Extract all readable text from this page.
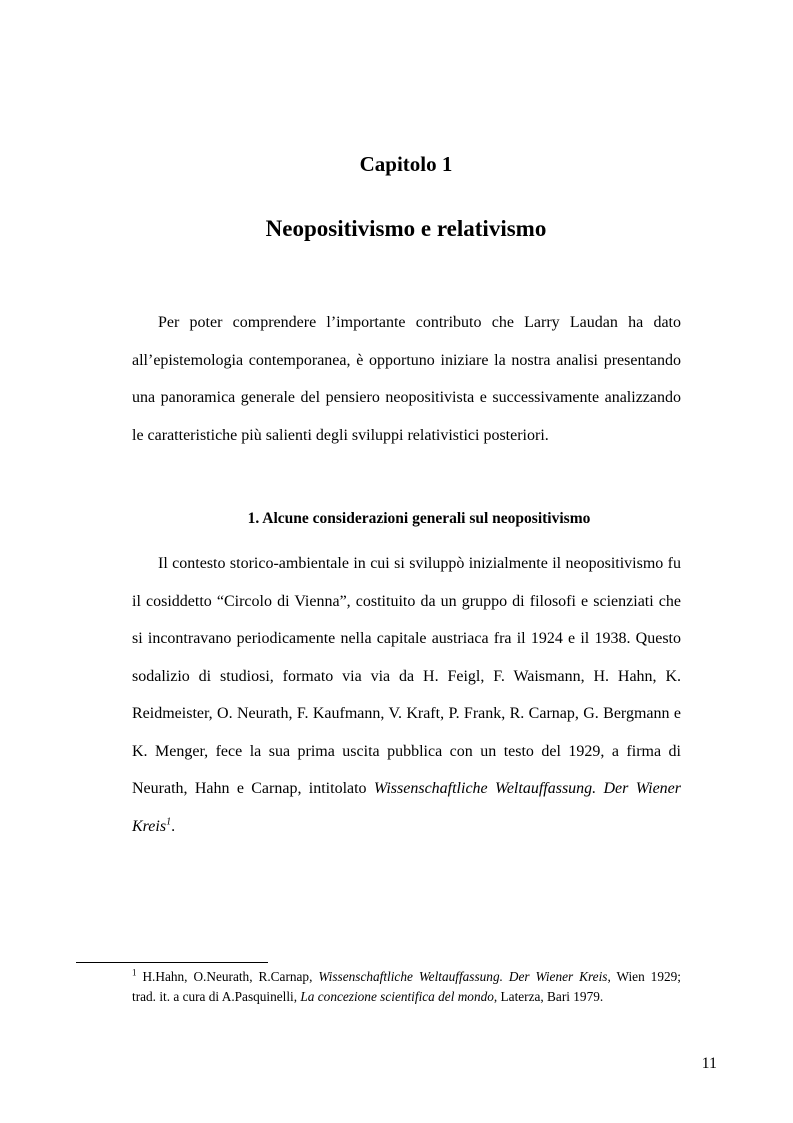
Capitolo 1
Neopositivismo e relativismo

Per poter comprendere l’importante contributo che Larry Laudan ha dato all’epistemologia contemporanea, è opportuno iniziare la nostra analisi presentando una panoramica generale del pensiero neopositivista e successivamente analizzando le caratteristiche più salienti degli sviluppi relativistici posteriori.

1. Alcune considerazioni generali sul neopositivismo

Il contesto storico-ambientale in cui si sviluppò inizialmente il neopositivismo fu il cosiddetto “Circolo di Vienna”, costituito da un gruppo di filosofi e scienziati che si incontravano periodicamente nella capitale austriaca fra il 1924 e il 1938. Questo sodalizio di studiosi, formato via via da H. Feigl, F. Waismann, H. Hahn, K. Reidmeister, O. Neurath, F. Kaufmann, V. Kraft, P. Frank, R. Carnap, G. Bergmann e K. Menger, fece la sua prima uscita pubblica con un testo del 1929, a firma di Neurath, Hahn e Carnap, intitolato Wissenschaftliche Weltauffassung. Der Wiener Kreis$^1$.

$^1$ H.Hahn, O.Neurath, R.Carnap, Wissenschaftliche Weltauffassung. Der Wiener Kreis, Wien 1929; trad. it. a cura di A.Pasquinelli, La concezione scientifica del mondo, Laterza, Bari 1979.

11
